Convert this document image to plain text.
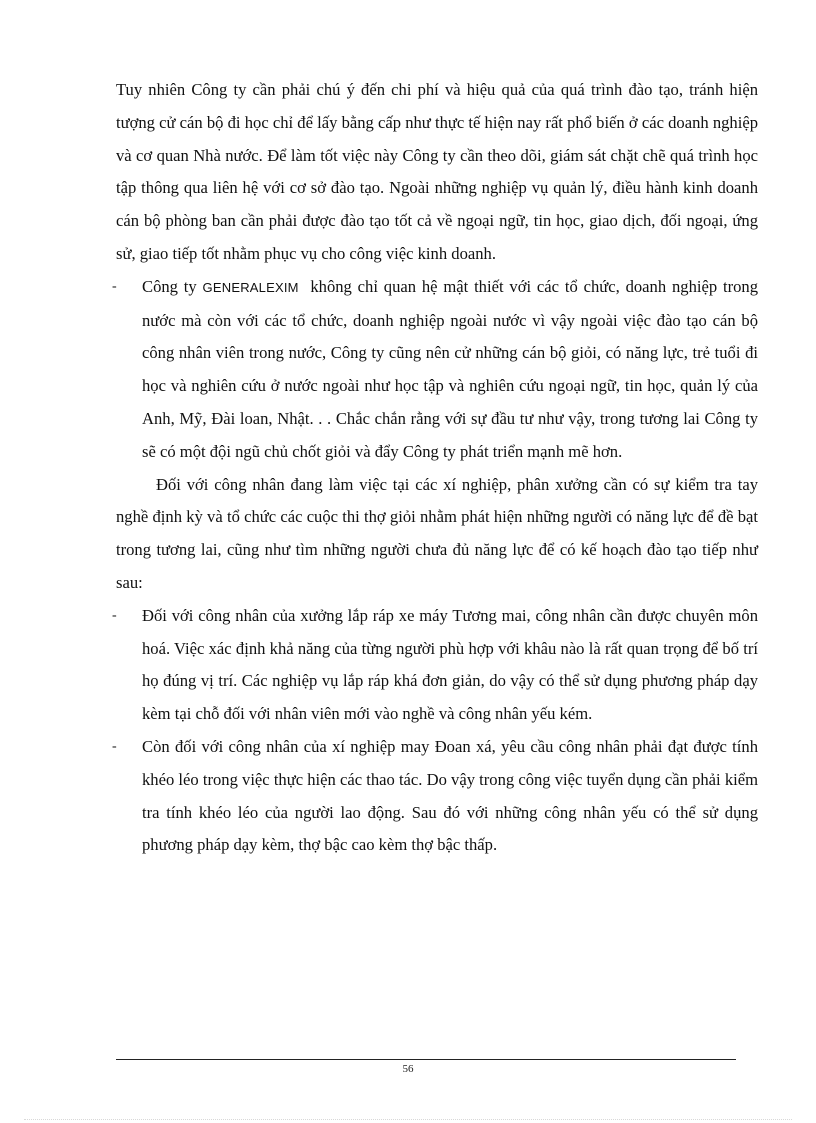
Tuy nhiên Công ty cần phải chú ý đến chi phí và hiệu quả của quá trình đào tạo, tránh hiện tượng cử cán bộ đi học chỉ để lấy bằng cấp như thực tế hiện nay rất phổ biến ở các doanh nghiệp và cơ quan Nhà nước. Để làm tốt việc này Công ty cần theo dõi, giám sát chặt chẽ quá trình học tập thông qua liên hệ với cơ sở đào tạo. Ngoài những nghiệp vụ quản lý, điều hành kinh doanh cán bộ phòng ban cần phải được đào tạo tốt cả về ngoại ngữ, tin học, giao dịch, đối ngoại, ứng sử, giao tiếp tốt nhằm phục vụ cho công việc kinh doanh.

- Công ty GENERALEXIM không chỉ quan hệ mật thiết với các tổ chức, doanh nghiệp trong nước mà còn với các tổ chức, doanh nghiệp ngoài nước vì vậy ngoài việc đào tạo cán bộ công nhân viên trong nước, Công ty cũng nên cử những cán bộ giỏi, có năng lực, trẻ tuổi đi học và nghiên cứu ở nước ngoài như học tập và nghiên cứu ngoại ngữ, tin học, quản lý của Anh, Mỹ, Đài loan, Nhật. . . Chắc chắn rằng với sự đầu tư như vậy, trong tương lai Công ty sẽ có một đội ngũ chủ chốt giỏi và đẩy Công ty phát triển mạnh mẽ hơn.

Đối với công nhân đang làm việc tại các xí nghiệp, phân xưởng cần có sự kiểm tra tay nghề định kỳ và tổ chức các cuộc thi thợ giỏi nhằm phát hiện những người có năng lực để đề bạt trong tương lai, cũng như tìm những người chưa đủ năng lực để có kế hoạch đào tạo tiếp như sau:

- Đối với công nhân của xưởng lắp ráp xe máy Tương mai, công nhân cần được chuyên môn hoá. Việc xác định khả năng của từng người phù hợp với khâu nào là rất quan trọng để bố trí họ đúng vị trí. Các nghiệp vụ lắp ráp khá đơn giản, do vậy có thể sử dụng phương pháp dạy kèm tại chỗ đối với nhân viên mới vào nghề và công nhân yếu kém.

- Còn đối với công nhân của xí nghiệp may Đoan xá, yêu cầu công nhân phải đạt được tính khéo léo trong việc thực hiện các thao tác. Do vậy trong công việc tuyển dụng cần phải kiểm tra tính khéo léo của người lao động. Sau đó với những công nhân yếu có thể sử dụng phương pháp dạy kèm, thợ bậc cao kèm thợ bậc thấp.

56
